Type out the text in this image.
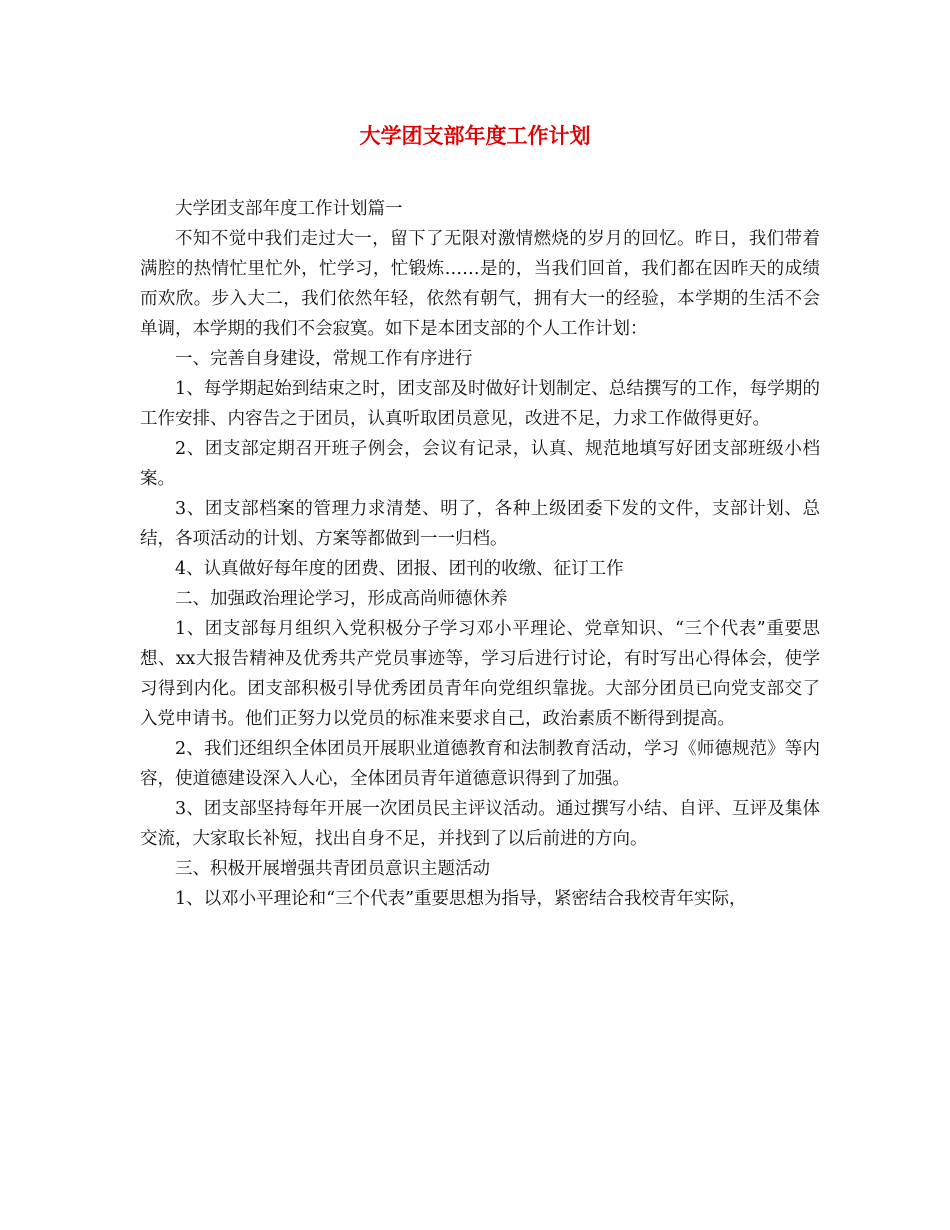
大学团支部年度工作计划

大学团支部年度工作计划篇一

不知不觉中我们走过大一，留下了无限对激情燃烧的岁月的回忆。昨日，我们带着满腔的热情忙里忙外，忙学习，忙锻炼……是的，当我们回首，我们都在因昨天的成绩而欢欣。步入大二，我们依然年轻，依然有朝气，拥有大一的经验，本学期的生活不会单调，本学期的我们不会寂寞。如下是本团支部的个人工作计划：

一、完善自身建设，常规工作有序进行

1、每学期起始到结束之时，团支部及时做好计划制定、总结撰写的工作，每学期的工作安排、内容告之于团员，认真听取团员意见，改进不足，力求工作做得更好。

2、团支部定期召开班子例会，会议有记录，认真、规范地填写好团支部班级小档案。

3、团支部档案的管理力求清楚、明了，各种上级团委下发的文件，支部计划、总结，各项活动的计划、方案等都做到一一归档。

4、认真做好每年度的团费、团报、团刊的收缴、征订工作

二、加强政治理论学习，形成高尚师德休养

1、团支部每月组织入党积极分子学习邓小平理论、党章知识、“三个代表”重要思想、xx大报告精神及优秀共产党员事迹等，学习后进行讨论，有时写出心得体会，使学习得到内化。团支部积极引导优秀团员青年向党组织靠拢。大部分团员已向党支部交了入党申请书。他们正努力以党员的标准来要求自己，政治素质不断得到提高。

2、我们还组织全体团员开展职业道德教育和法制教育活动，学习《师德规范》等内容，使道德建设深入人心，全体团员青年道德意识得到了加强。

3、团支部坚持每年开展一次团员民主评议活动。通过撰写小结、自评、互评及集体交流，大家取长补短，找出自身不足，并找到了以后前进的方向。

三、积极开展增强共青团员意识主题活动

1、以邓小平理论和“三个代表”重要思想为指导，紧密结合我校青年实际，
